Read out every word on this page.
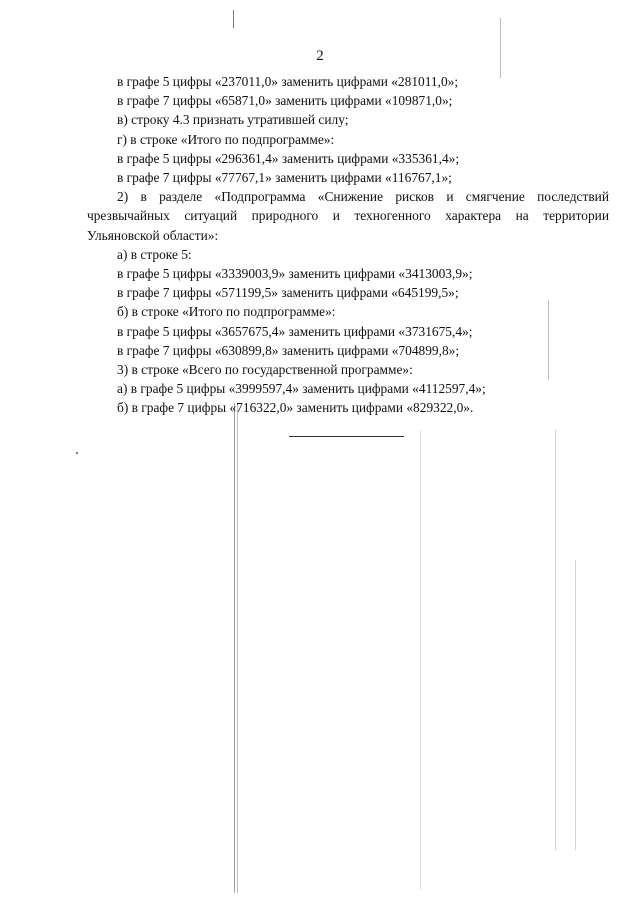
2
в графе 5 цифры «237011,0» заменить цифрами «281011,0»;
в графе 7 цифры «65871,0» заменить цифрами «109871,0»;
в) строку 4.3 признать утратившей силу;
г) в строке «Итого по подпрограмме»:
в графе 5 цифры «296361,4» заменить цифрами «335361,4»;
в графе 7 цифры «77767,1» заменить цифрами «116767,1»;
2) в разделе «Подпрограмма «Снижение рисков и смягчение последствий
чрезвычайных ситуаций природного и техногенного характера на территории
Ульяновской области»:
а) в строке 5:
в графе 5 цифры «3339003,9» заменить цифрами «3413003,9»;
в графе 7 цифры «571199,5» заменить цифрами «645199,5»;
б) в строке «Итого по подпрограмме»:
в графе 5 цифры «3657675,4» заменить цифрами «3731675,4»;
в графе 7 цифры «630899,8» заменить цифрами «704899,8»;
3) в строке «Всего по государственной программе»:
а) в графе 5 цифры «3999597,4» заменить цифрами «4112597,4»;
б) в графе 7 цифры «716322,0» заменить цифрами «829322,0».
